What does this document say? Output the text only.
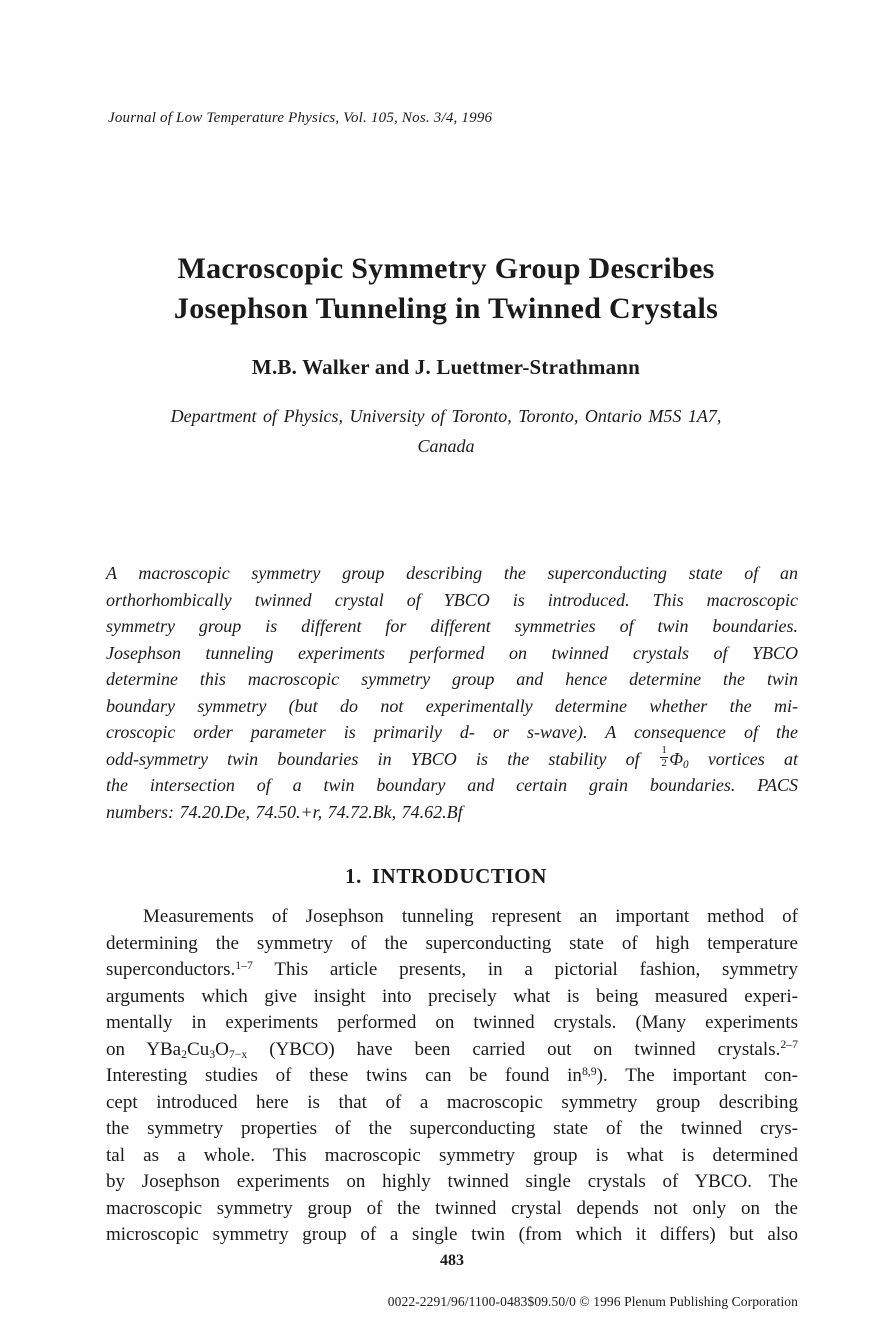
Journal of Low Temperature Physics, Vol. 105, Nos. 3/4, 1996
Macroscopic Symmetry Group Describes
Josephson Tunneling in Twinned Crystals
M.B. Walker and J. Luettmer-Strathmann
Department of Physics, University of Toronto, Toronto, Ontario M5S 1A7,
Canada
A macroscopic symmetry group describing the superconducting state of an
orthorhombically twinned crystal of YBCO is introduced. This macroscopic
symmetry group is different for different symmetries of twin boundaries.
Josephson tunneling experiments performed on twinned crystals of YBCO
determine this macroscopic symmetry group and hence determine the twin
boundary symmetry (but do not experimentally determine whether the mi-
croscopic order parameter is primarily d- or s-wave). A consequence of the
odd-symmetry twin boundaries in YBCO is the stability of $\frac{1}{2} \Phi_0$ vortices at
the intersection of a twin boundary and certain grain boundaries. PACS
numbers: 74.20.De, 74.50.+r, 74.72.Bk, 74.62.Bf
1. INTRODUCTION
Measurements of Josephson tunneling represent an important method of
determining the symmetry of the superconducting state of high temperature
superconductors.$^{1-7}$ This article presents, in a pictorial fashion, symmetry
arguments which give insight into precisely what is being measured experi-
mentally in experiments performed on twinned crystals. (Many experiments
on $YBa_2Cu_3O_{7-x}$ (YBCO) have been carried out on twinned crystals.$^{2-7}$
Interesting studies of these twins can be found in$^{8,9}$). The important con-
cept introduced here is that of a macroscopic symmetry group describing
the symmetry properties of the superconducting state of the twinned crys-
tal as a whole. This macroscopic symmetry group is what is determined
by Josephson experiments on highly twinned single crystals of YBCO. The
macroscopic symmetry group of the twinned crystal depends not only on the
microscopic symmetry group of a single twin (from which it differs) but also
483
0022-2291/96/1100-0483$09.50/0 © 1996 Plenum Publishing Corporation
